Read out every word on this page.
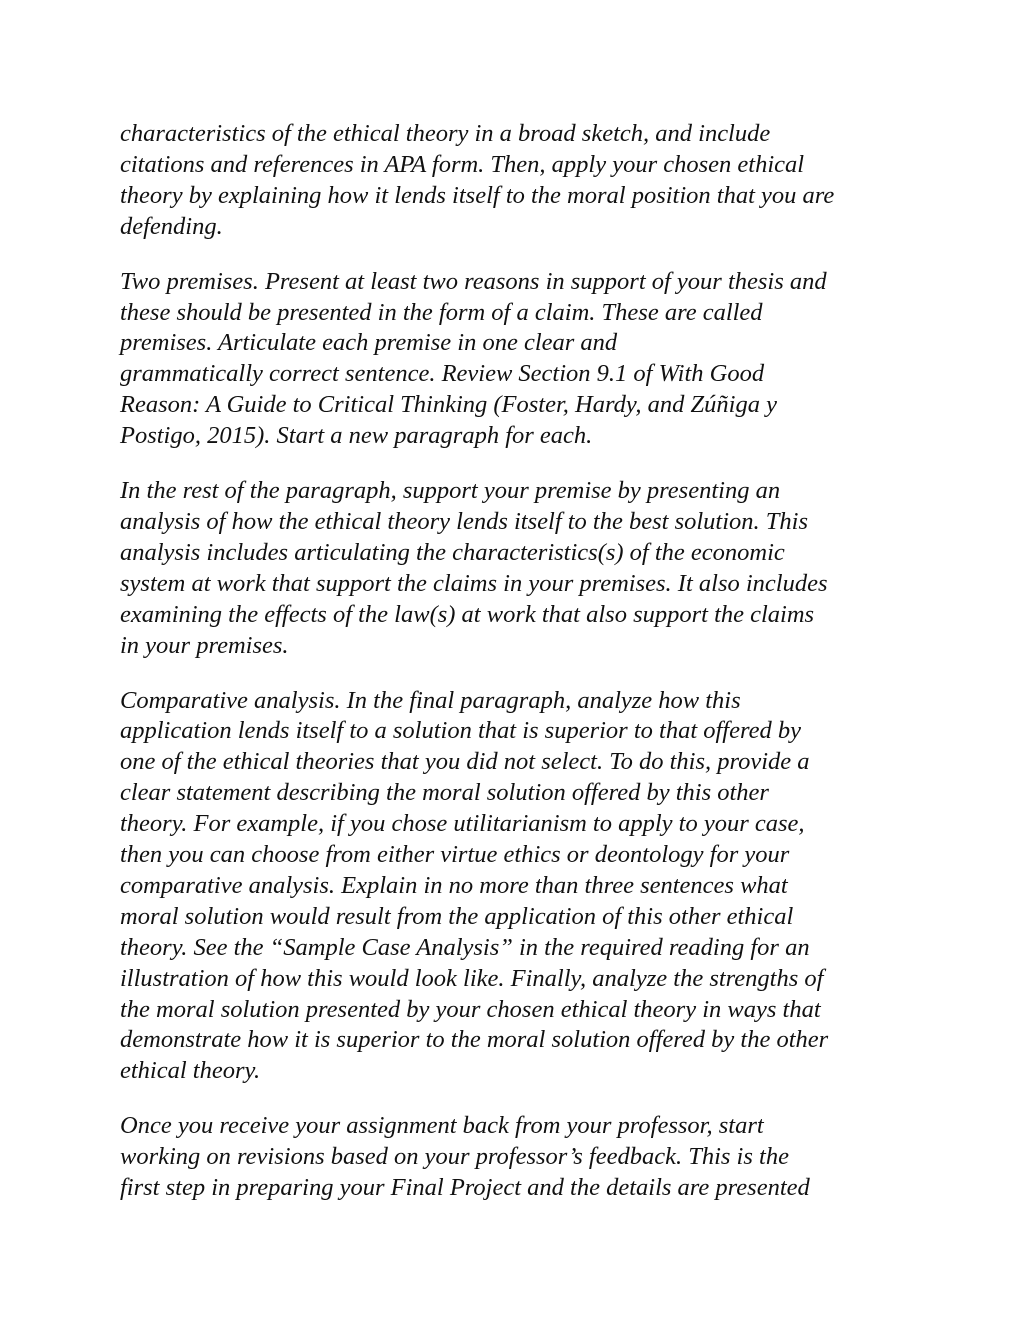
characteristics of the ethical theory in a broad sketch, and include
citations and references in APA form. Then, apply your chosen ethical
theory by explaining how it lends itself to the moral position that you are
defending.

Two premises. Present at least two reasons in support of your thesis and
these should be presented in the form of a claim. These are called
premises. Articulate each premise in one clear and
grammatically correct sentence. Review Section 9.1 of With Good
Reason: A Guide to Critical Thinking (Foster, Hardy, and Zúñiga y
Postigo, 2015). Start a new paragraph for each.

In the rest of the paragraph, support your premise by presenting an
analysis of how the ethical theory lends itself to the best solution. This
analysis includes articulating the characteristics(s) of the economic
system at work that support the claims in your premises. It also includes
examining the effects of the law(s) at work that also support the claims
in your premises.

Comparative analysis. In the final paragraph, analyze how this
application lends itself to a solution that is superior to that offered by
one of the ethical theories that you did not select. To do this, provide a
clear statement describing the moral solution offered by this other
theory. For example, if you chose utilitarianism to apply to your case,
then you can choose from either virtue ethics or deontology for your
comparative analysis. Explain in no more than three sentences what
moral solution would result from the application of this other ethical
theory. See the “Sample Case Analysis” in the required reading for an
illustration of how this would look like. Finally, analyze the strengths of
the moral solution presented by your chosen ethical theory in ways that
demonstrate how it is superior to the moral solution offered by the other
ethical theory.

Once you receive your assignment back from your professor, start
working on revisions based on your professor’s feedback. This is the
first step in preparing your Final Project and the details are presented
